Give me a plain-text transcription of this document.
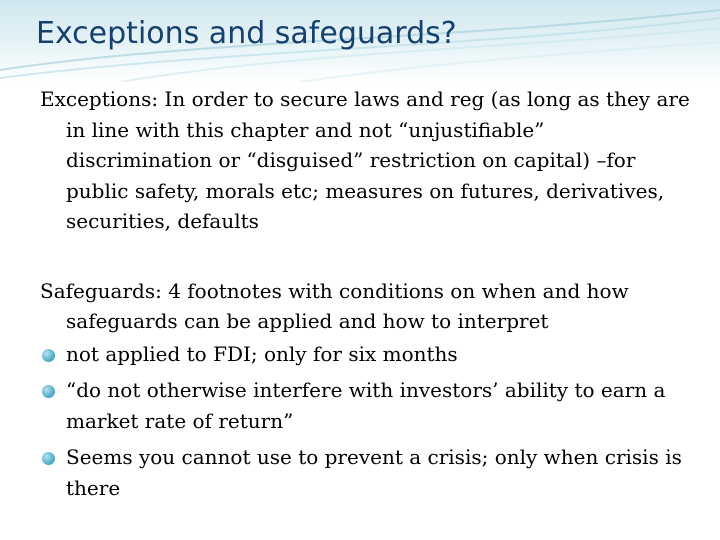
Exceptions and safeguards?

Exceptions: In order to secure laws and reg (as long as they are in line with this chapter and not “unjustifiable” discrimination or “disguised” restriction on capital) –for public safety, morals etc; measures on futures, derivatives, securities, defaults

Safeguards: 4 footnotes with conditions on when and how safeguards can be applied and how to interpret

not applied to FDI; only for six months
“do not otherwise interfere with investors’ ability to earn a market rate of return”
Seems you cannot use to prevent a crisis; only when crisis is there
